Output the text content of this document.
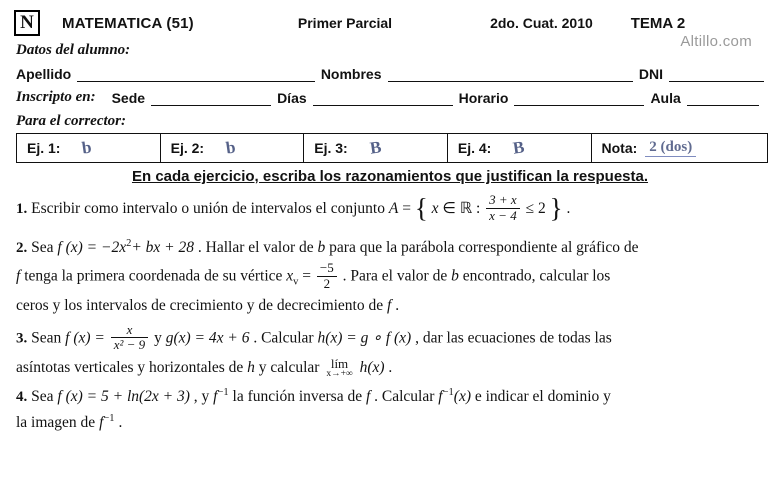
N	MATEMATICA (51)	Primer Parcial	2do. Cuat. 2010	TEMA 2
Altillo.com
Datos del alumno:
Apellido	Nombres	DNI
Inscripto en: Sede	Días	Horario	Aula
Para el corrector:
Ej. 1: b	Ej. 2: b	Ej. 3: B	Ej. 4: B	Nota: 2 (dos)
En cada ejercicio, escriba los razonamientos que justifican la respuesta.
1. Escribir como intervalo o unión de intervalos el conjunto A = { x ∈ ℝ : $\frac{3 + x}{x - 4} \le 2$ } .
2. Sea f $(x) = -2x^2+$ bx + 28 . Hallar el valor de b para que la parábola correspondiente al gráfico de
f tenga la primera coordenada de su vértice $x_v = \frac{-5}{2}$ . Para el valor de b encontrado, calcular los
ceros y los intervalos de crecimiento y de decrecimiento de f .
3. Sean f $(x) = \frac{x}{\text{x² − 9}}$ y g(x) = 4x + 6 . Calcular h(x) = g ∘ f (x) , dar las ecuaciones de todas las
asíntotas verticales y horizontales de h y calcular lím
x→+∞ h(x) .
4. Sea f (x) = 5 + ln(2x + 3) , y $f^{-1}$ la función inversa de f . Calcular $f^{-1}(x)$ e indicar el dominio y
la imagen de $f^{-1}$ .
